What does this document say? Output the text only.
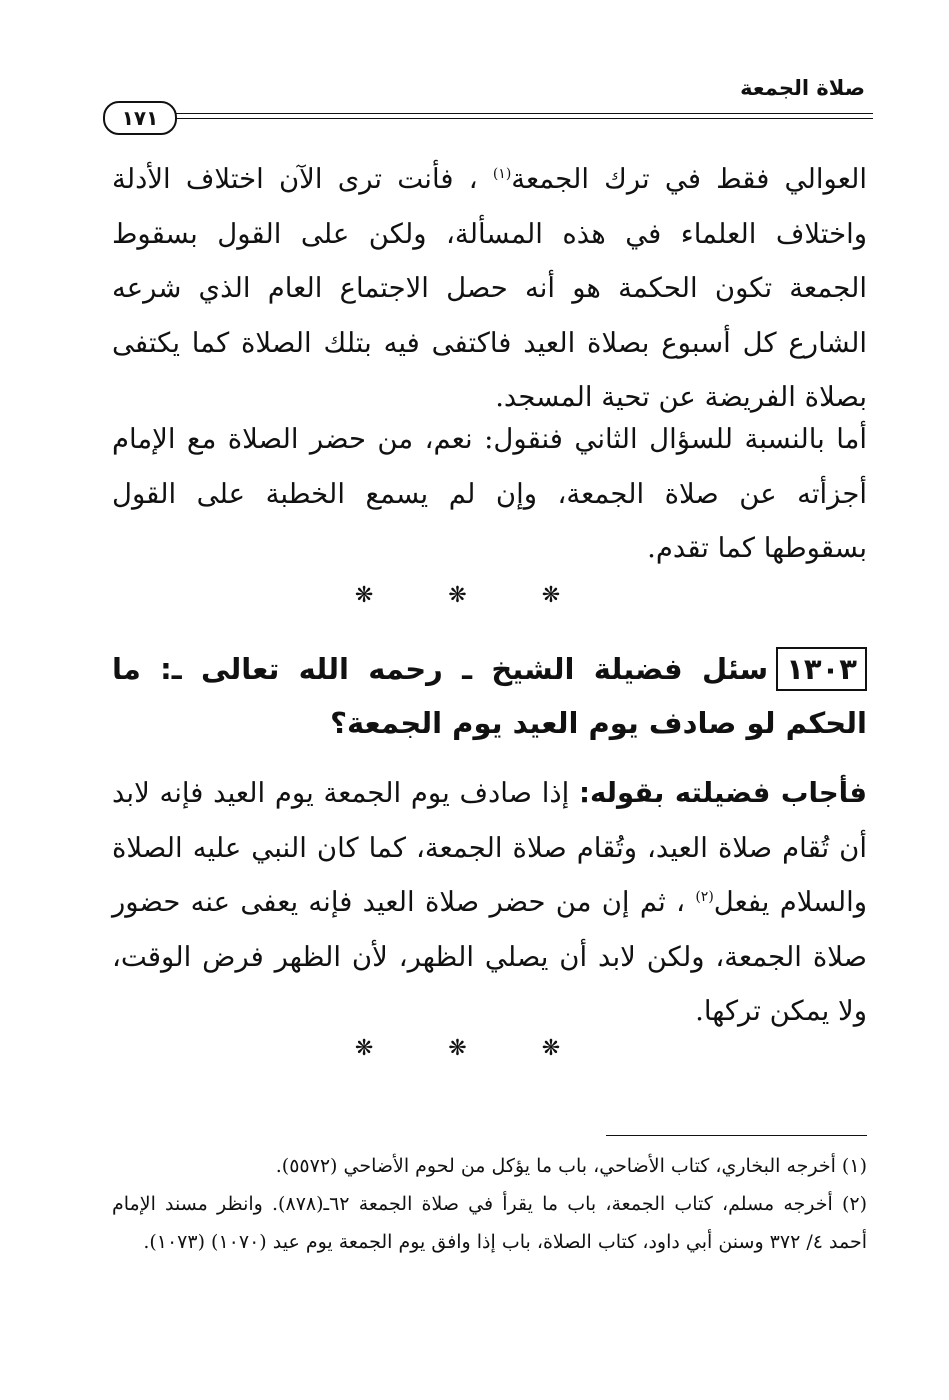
صلاة الجمعة
١٧١
العوالي فقط في ترك الجمعة$^{(١)}$ ، فأنت ترى الآن اختلاف الأدلة واختلاف العلماء في هذه المسألة، ولكن على القول بسقوط الجمعة تكون الحكمة هو أنه حصل الاجتماع العام الذي شرعه الشارع كل أسبوع بصلاة العيد فاكتفى فيه بتلك الصلاة كما يكتفى بصلاة الفريضة عن تحية المسجد.
أما بالنسبة للسؤال الثاني فنقول: نعم، من حضر الصلاة مع الإمام أجزأته عن صلاة الجمعة، وإن لم يسمع الخطبة على القول بسقوطها كما تقدم.
❋ ❋ ❋
١٣٠٣سئل فضيلة الشيخ ـ رحمه الله تعالى ـ: ما الحكم لو صادف يوم العيد يوم الجمعة؟
فأجاب فضيلته بقوله: إذا صادف يوم الجمعة يوم العيد فإنه لابد أن تُقام صلاة العيد، وتُقام صلاة الجمعة، كما كان النبي عليه الصلاة والسلام يفعل$^{(٢)}$ ، ثم إن من حضر صلاة العيد فإنه يعفى عنه حضور صلاة الجمعة، ولكن لابد أن يصلي الظهر، لأن الظهر فرض الوقت، ولا يمكن تركها.
❋ ❋ ❋

(١) أخرجه البخاري، كتاب الأضاحي، باب ما يؤكل من لحوم الأضاحي (٥٥٧٢).

(٢) أخرجه مسلم، كتاب الجمعة، باب ما يقرأ في صلاة الجمعة ٦٢ـ(٨٧٨). وانظر مسند الإمام أحمد ٤/ ٣٧٢ وسنن أبي داود، كتاب الصلاة، باب إذا وافق يوم الجمعة يوم عيد (١٠٧٠) (١٠٧٣).
